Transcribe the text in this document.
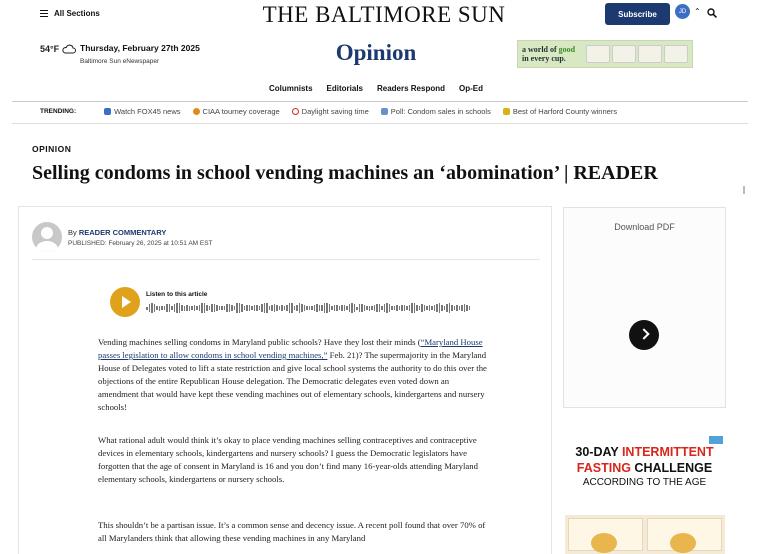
All Sections	THE BALTIMORE SUN	Subscribe	JD ⌃
54°F Thursday, February 27th 2025
Baltimore Sun eNewspaper	Opinion	a world of good
in every cup.
Columnists Editorials Readers Respond Op-Ed
TRENDING:	Watch FOX45 news	CIAA tourney coverage	Daylight saving time	Poll: Condom sales in schools	Best of Harford County winners
OPINION
Selling condoms in school vending machines an ‘abomination’ | READER
By READER COMMENTARY
PUBLISHED: February 26, 2025 at 10:51 AM EST
Listen to this article

Vending machines selling condoms in Maryland public schools? Have they lost their minds (“Maryland House passes legislation to allow condoms in school vending machines,” Feb. 21)? The supermajority in the Maryland House of Delegates voted to lift a state restriction and give local school systems the authority to do this over the objections of the entire Republican House delegation. The Democratic delegates even voted down an amendment that would have kept these vending machines out of elementary schools, kindergartens and nursery schools!

What rational adult would think it’s okay to place vending machines selling contraceptives and contraceptive devices in elementary schools, kindergartens and nursery schools? I guess the Democratic legislators have forgotten that the age of consent in Maryland is 16 and you don’t find many 16-year-olds attending Maryland elementary schools, kindergartens or nursery schools.

This shouldn’t be a partisan issue. It’s a common sense and decency issue. A recent poll found that over 70% of all Marylanders think that allowing these vending machines in any Maryland

Download PDF
30-DAY INTERMITTENT
FASTING CHALLENGE
ACCORDING TO THE AGE
